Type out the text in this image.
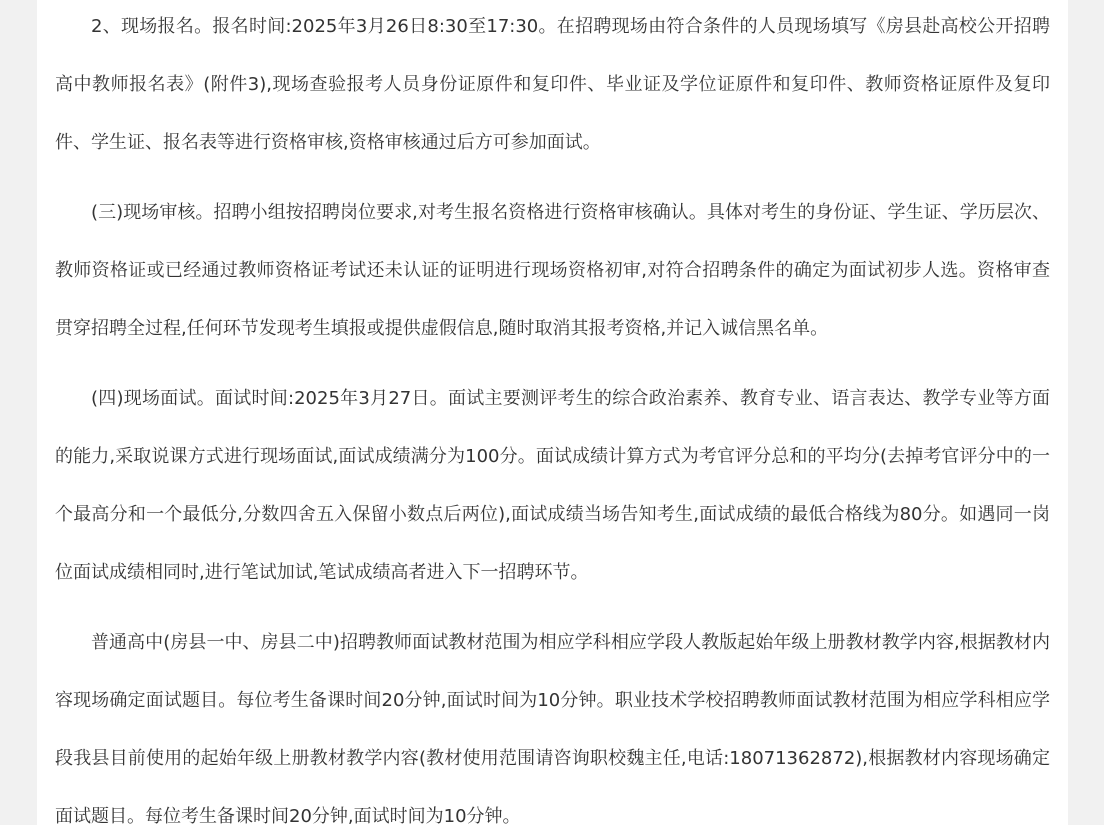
2、现场报名。报名时间:2025年3月26日8:30至17:30。在招聘现场由符合条件的人员现场填写《房县赴高校公开招聘高中教师报名表》(附件3),现场查验报考人员身份证原件和复印件、毕业证及学位证原件和复印件、教师资格证原件及复印件、学生证、报名表等进行资格审核,资格审核通过后方可参加面试。

(三)现场审核。招聘小组按招聘岗位要求,对考生报名资格进行资格审核确认。具体对考生的身份证、学生证、学历层次、教师资格证或已经通过教师资格证考试还未认证的证明进行现场资格初审,对符合招聘条件的确定为面试初步人选。资格审查贯穿招聘全过程,任何环节发现考生填报或提供虚假信息,随时取消其报考资格,并记入诚信黑名单。

(四)现场面试。面试时间:2025年3月27日。面试主要测评考生的综合政治素养、教育专业、语言表达、教学专业等方面的能力,采取说课方式进行现场面试,面试成绩满分为100分。面试成绩计算方式为考官评分总和的平均分(去掉考官评分中的一个最高分和一个最低分,分数四舍五入保留小数点后两位),面试成绩当场告知考生,面试成绩的最低合格线为80分。如遇同一岗位面试成绩相同时,进行笔试加试,笔试成绩高者进入下一招聘环节。

普通高中(房县一中、房县二中)招聘教师面试教材范围为相应学科相应学段人教版起始年级上册教材教学内容,根据教材内容现场确定面试题目。每位考生备课时间20分钟,面试时间为10分钟。职业技术学校招聘教师面试教材范围为相应学科相应学段我县目前使用的起始年级上册教材教学内容(教材使用范围请咨询职校魏主任,电话:18071362872),根据教材内容现场确定面试题目。每位考生备课时间20分钟,面试时间为10分钟。
